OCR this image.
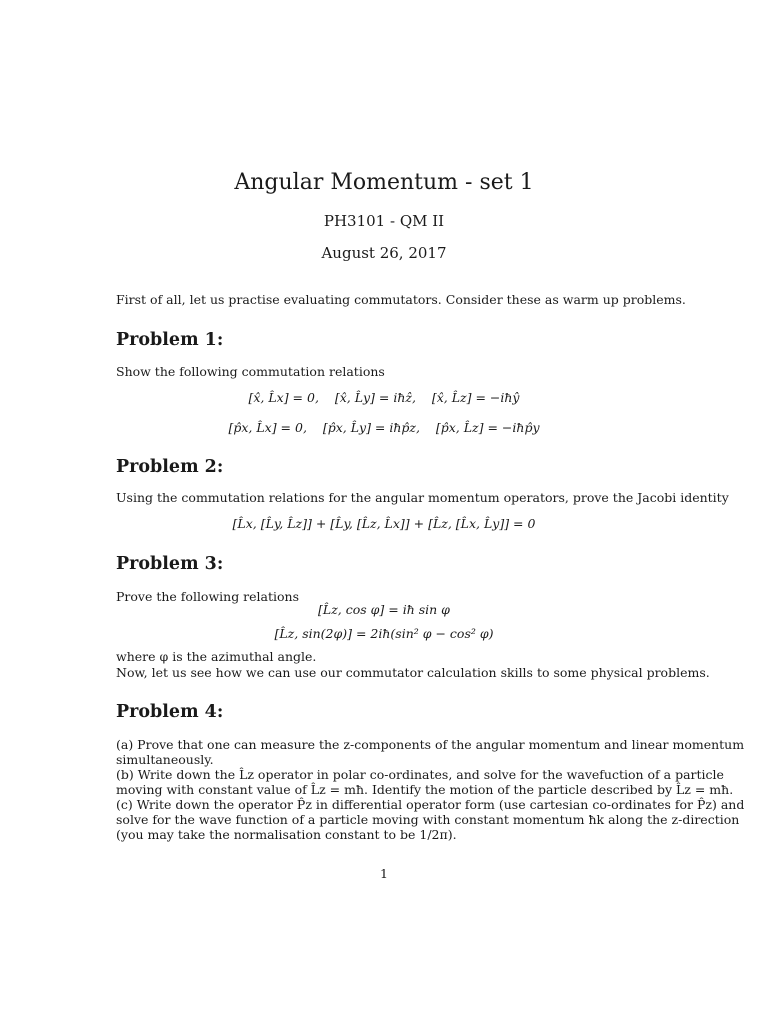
Angular Momentum - set 1
PH3101 - QM II
August 26, 2017
First of all, let us practise evaluating commutators. Consider these as warm up problems.
Problem 1:
Show the following commutation relations
[x̂, L̂x] = 0,    [x̂, L̂y] = iħẑ,    [x̂, L̂z] = −iħŷ
[p̂x, L̂x] = 0,    [p̂x, L̂y] = iħp̂z,    [p̂x, L̂z] = −iħp̂y
Problem 2:
Using the commutation relations for the angular momentum operators, prove the Jacobi identity
[L̂x, [L̂y, L̂z]] + [L̂y, [L̂z, L̂x]] + [L̂z, [L̂x, L̂y]] = 0
Problem 3:
Prove the following relations
[L̂z, cos φ] = iħ sin φ
[L̂z, sin(2φ)] = 2iħ(sin² φ − cos² φ)
where φ is the azimuthal angle.
Now, let us see how we can use our commutator calculation skills to some physical problems.
Problem 4:
(a) Prove that one can measure the z-components of the angular momentum and linear momentum
simultaneously.
(b) Write down the L̂z operator in polar co-ordinates, and solve for the wavefuction of a particle
moving with constant value of L̂z = mħ. Identify the motion of the particle described by L̂z = mħ.
(c) Write down the operator P̂z in differential operator form (use cartesian co-ordinates for P̂z) and
solve for the wave function of a particle moving with constant momentum ħk along the z-direction
(you may take the normalisation constant to be 1/2π).
1
